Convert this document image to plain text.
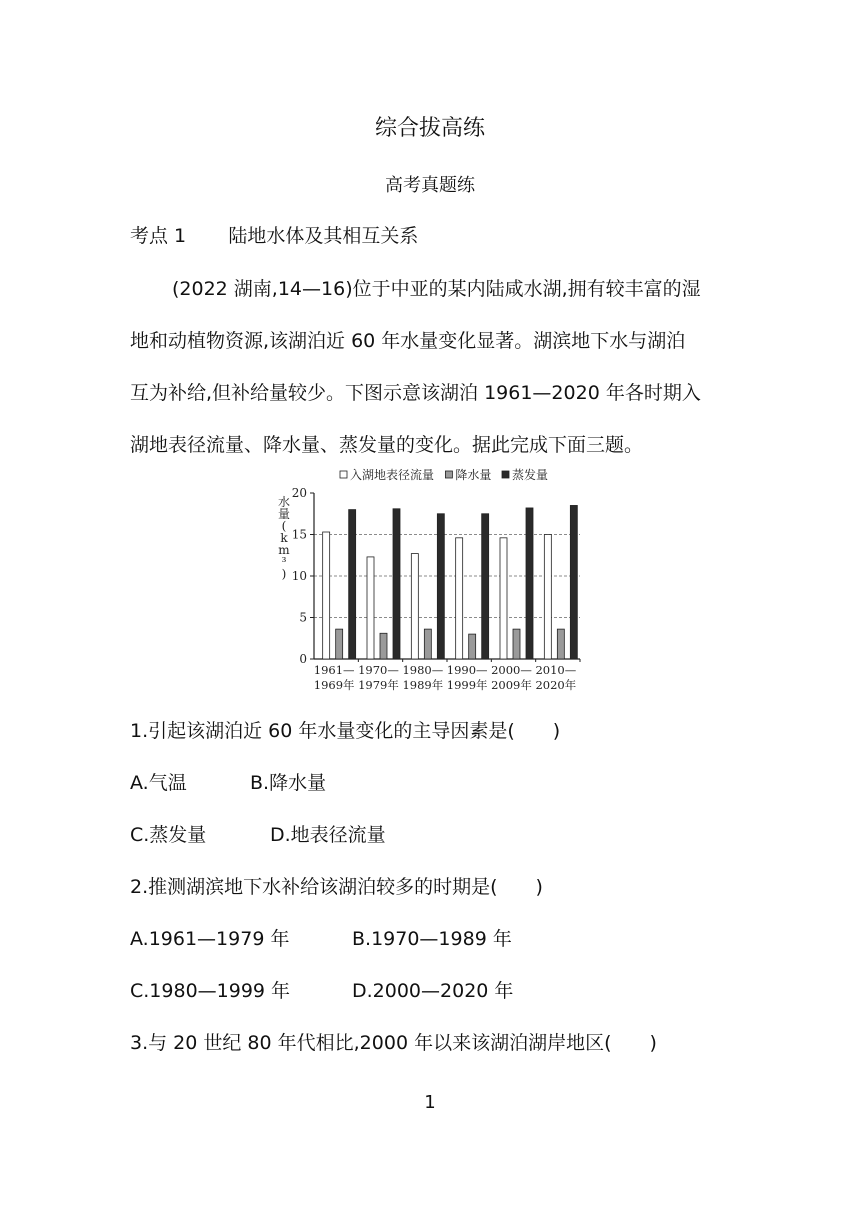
综合拔高练
高考真题练
考点 1 陆地水体及其相互关系
(2022 湖南,14—16)位于中亚的某内陆咸水湖,拥有较丰富的湿
地和动植物资源,该湖泊近 60 年水量变化显著。湖滨地下水与湖泊
互为补给,但补给量较少。下图示意该湖泊 1961—2020 年各时期入
湖地表径流量、降水量、蒸发量的变化。据此完成下面三题。
0
5
10
15
20
水
量
(
k
m
³
)
1961—
1969年
1970—
1979年
1980—
1989年
1990—
1999年
2000—
2009年
2010—
2020年
入湖地表径流量 降水量 蒸发量
1.引起该湖泊近 60 年水量变化的主导因素是(　　)
A.气温	B.降水量
C.蒸发量	D.地表径流量
2.推测湖滨地下水补给该湖泊较多的时期是(　　)
A.1961—1979 年	B.1970—1989 年
C.1980—1999 年	D.2000—2020 年
3.与 20 世纪 80 年代相比,2000 年以来该湖泊湖岸地区(　　)
1
